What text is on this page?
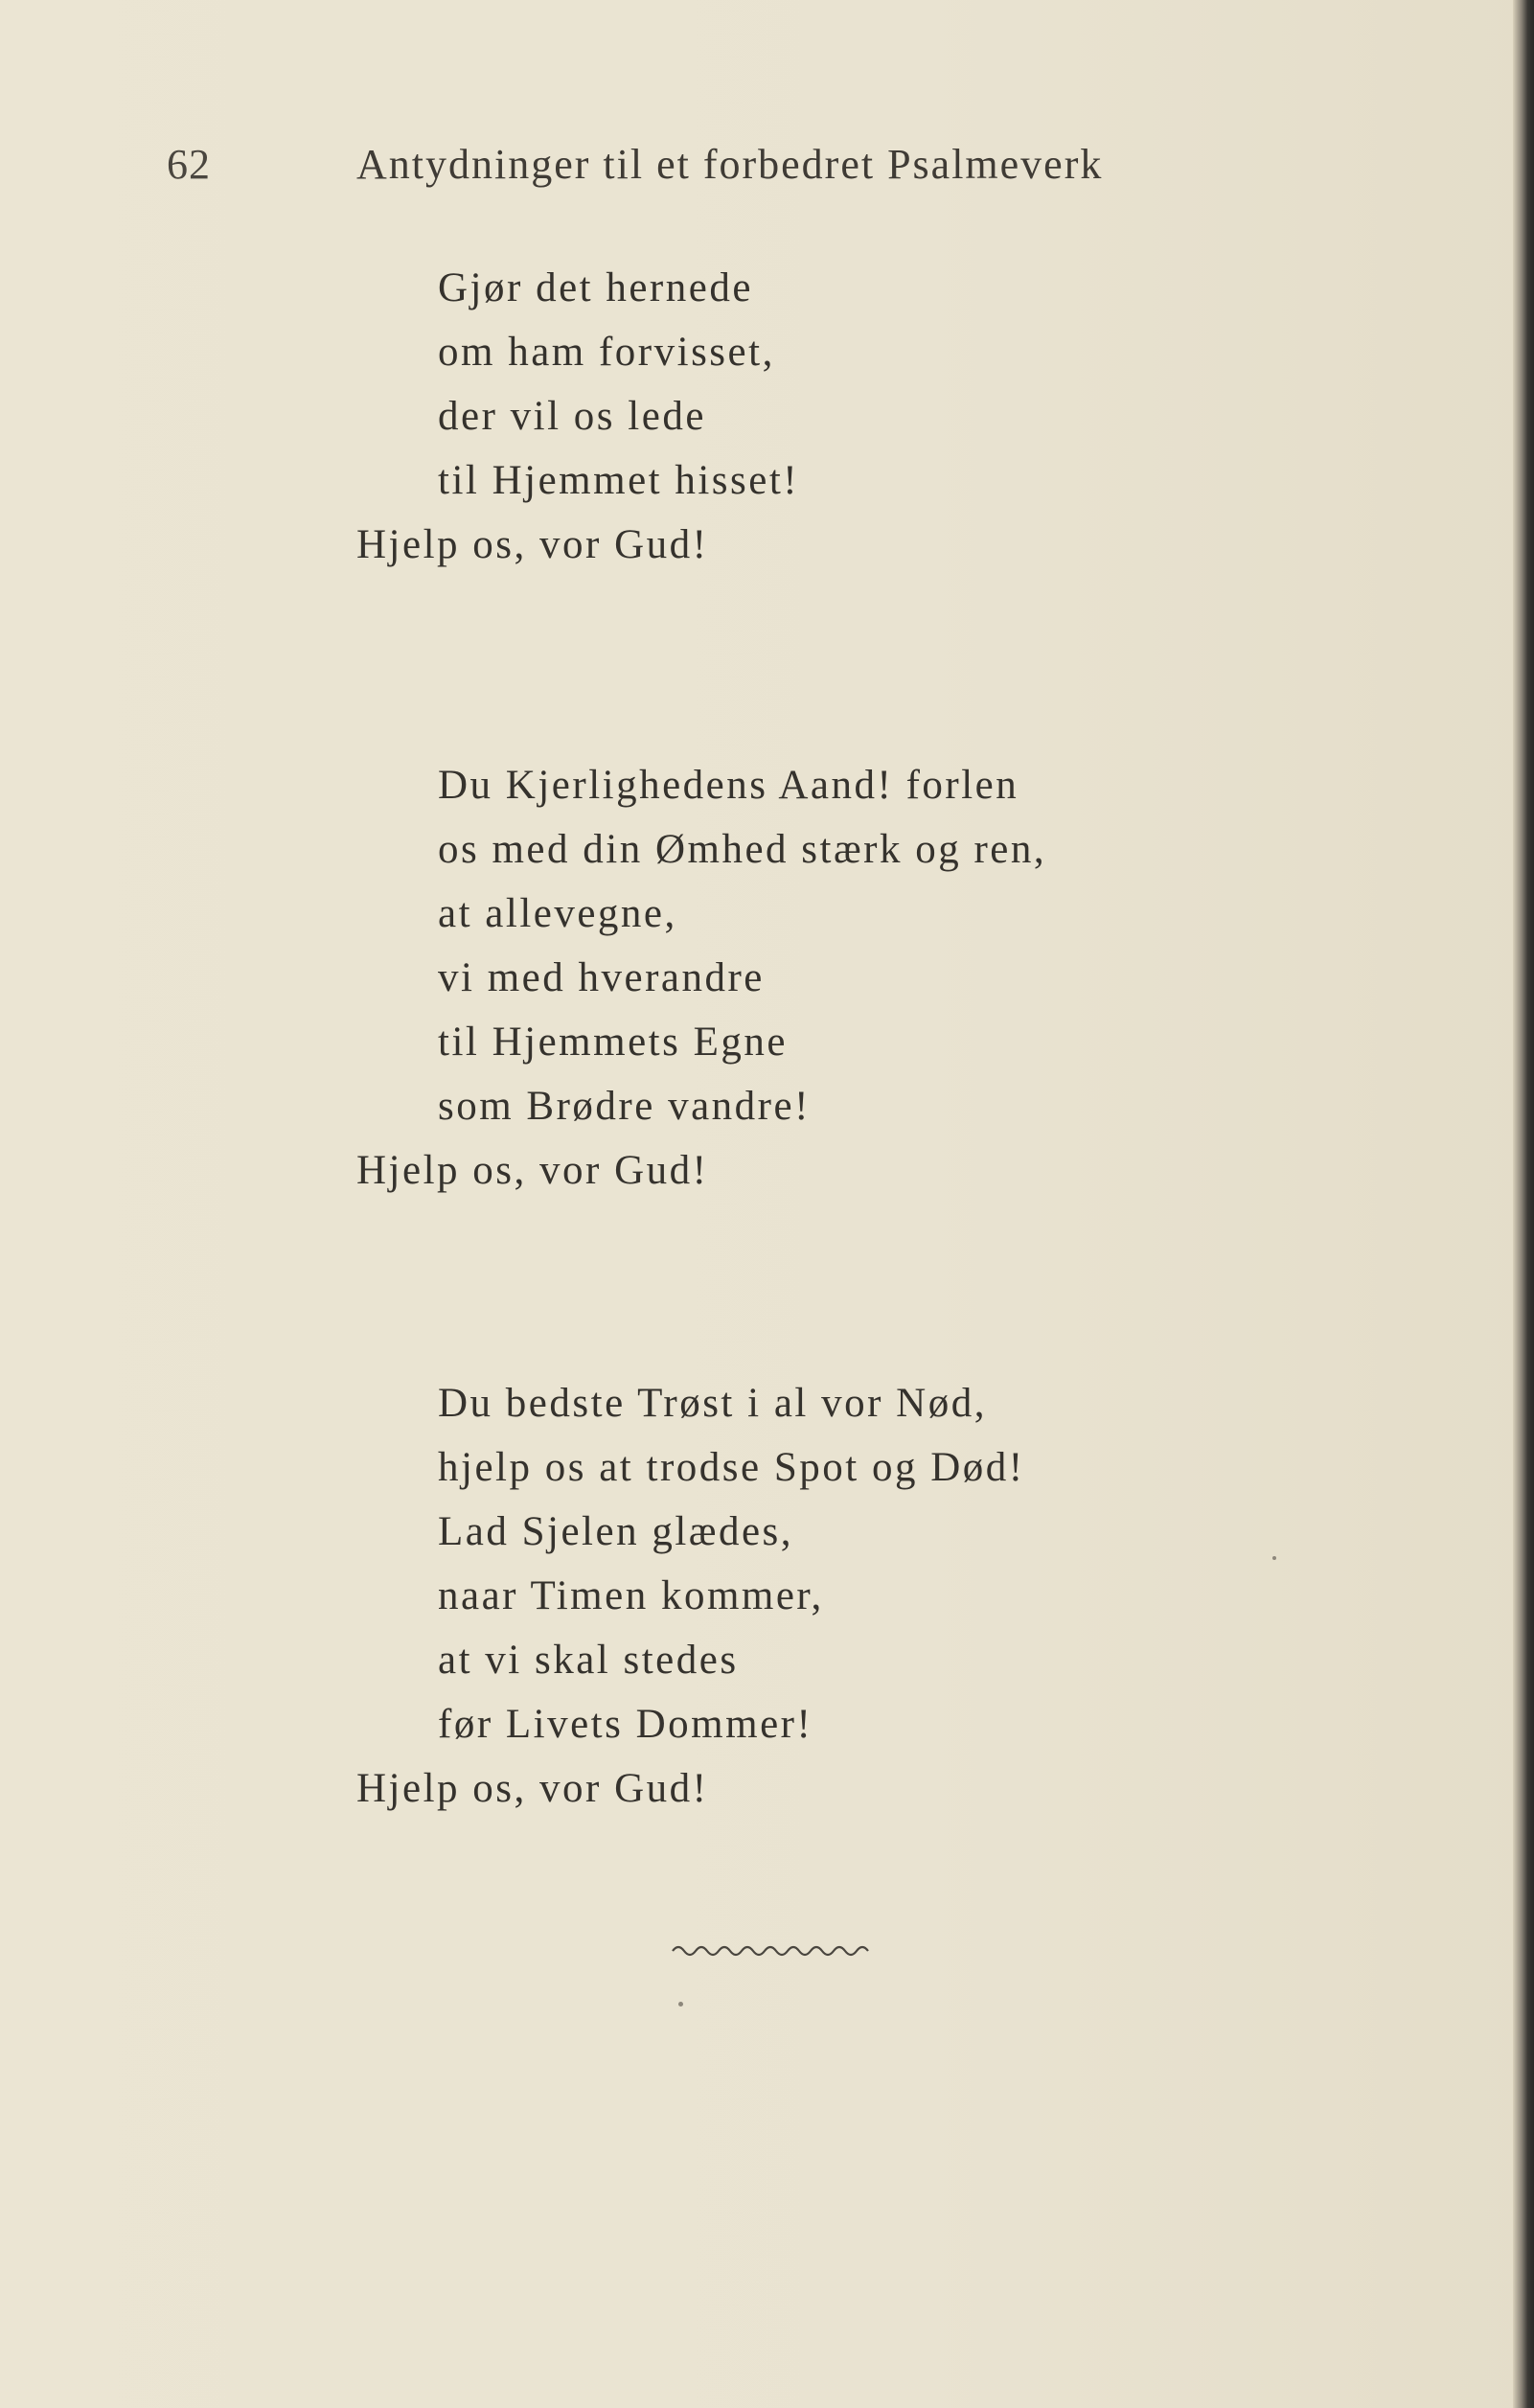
62	Antydninger til et forbedret Psalmeverk
Gjør det hernede
om ham forvisset,
der vil os lede
til Hjemmet hisset!
Hjelp os, vor Gud!
Du Kjerlighedens Aand! forlen
os med din Ømhed stærk og ren,
at allevegne,
vi med hverandre
til Hjemmets Egne
som Brødre vandre!
Hjelp os, vor Gud!
Du bedste Trøst i al vor Nød,
hjelp os at trodse Spot og Død!
Lad Sjelen glædes,
naar Timen kommer,
at vi skal stedes
før Livets Dommer!
Hjelp os, vor Gud!
